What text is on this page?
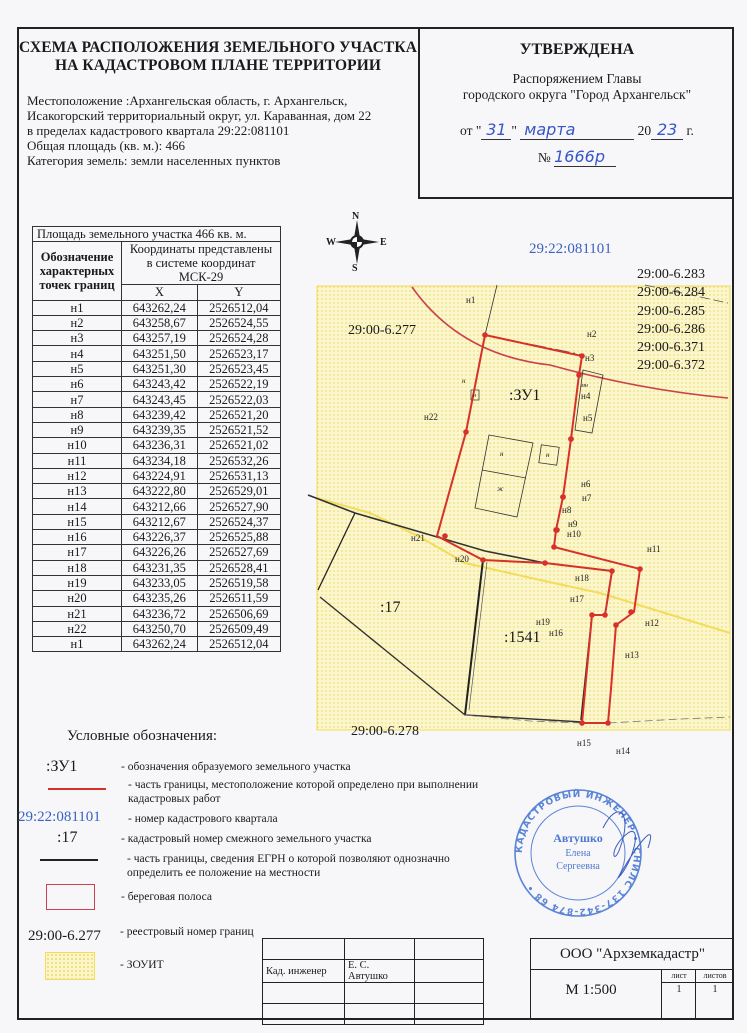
СХЕМА РАСПОЛОЖЕНИЯ ЗЕМЕЛЬНОГО УЧАСТКА
НА КАДАСТРОВОМ ПЛАНЕ ТЕРРИТОРИИ
Местоположение :Архангельская область, г. Архангельск,
Исакогорский территориальный округ, ул. Караванная, дом 22
в пределах кадастрового квартала 29:22:081101
Общая площадь (кв. м.): 466
Категория земель: земли населенных пунктов
УТВЕРЖДЕНА
Распоряжением Главы
городского округа "Город Архангельск"
от " 31 " марта	20 23 г.
№ 1666р
Площадь земельного участка 466 кв. м.		
Обозначение характерных точек границ	Координаты представлены в системе координат МСК-29	
	X	Y
н1	643262,24	2526512,04
н2	643258,67	2526524,55
н3	643257,19	2526524,28
н4	643251,50	2526523,17
н5	643251,30	2526523,45
н6	643243,42	2526522,19
н7	643243,45	2526522,03
н8	643239,42	2526521,20
н9	643239,35	2526521,52
н10	643236,31	2526521,02
н11	643234,18	2526532,26
н12	643224,91	2526531,13
н13	643222,80	2526529,01
н14	643212,66	2526527,90
н15	643212,67	2526524,37
н16	643226,37	2526525,88
н17	643226,26	2526527,69
н18	643231,35	2526528,41
н19	643233,05	2526519,58
н20	643235,26	2526511,59
н21	643236,72	2526506,69
н22	643250,70	2526509,49
н1	643262,24	2526512,04
н1
н2
н3
н4
н5
н6
н7
н8
н9
н10
н11
н12
н13
н14
н15
н16
н17
н18
н19
н20
н21
н22
N
S
W	E	29:22:081101
29:00-6.283
29:00-6.284
29:00-6.285
29:00-6.286
29:00-6.371
29:00-6.372
29:00-6.277
29:00-6.278
:ЗУ1
:17
:1541
н
ж
н
н
н
мн
Условные обозначения:
:ЗУ1	- обозначения образуемого земельного участка
- часть границы, местоположение которой определено при выполнении кадастровых работ
29:22:081101 - номер кадастрового квартала
:17	- кадастровый номер смежного земельного участка
- часть границы, сведения ЕГРН о которой позволяют однозначно определить ее положение на местности
- береговая полоса
29:00-6.277 - реестровый номер границ
- ЗОУИТ
КАДАСТРОВЫЙ ИНЖЕНЕР • СНИЛС 137-342-874 68 •
Автушко
Елена
Сергеевна

Кад. инженер	Е. С. Автушко	

ООО "Архземкадастр"
М 1:500
лист
1
листов
1
